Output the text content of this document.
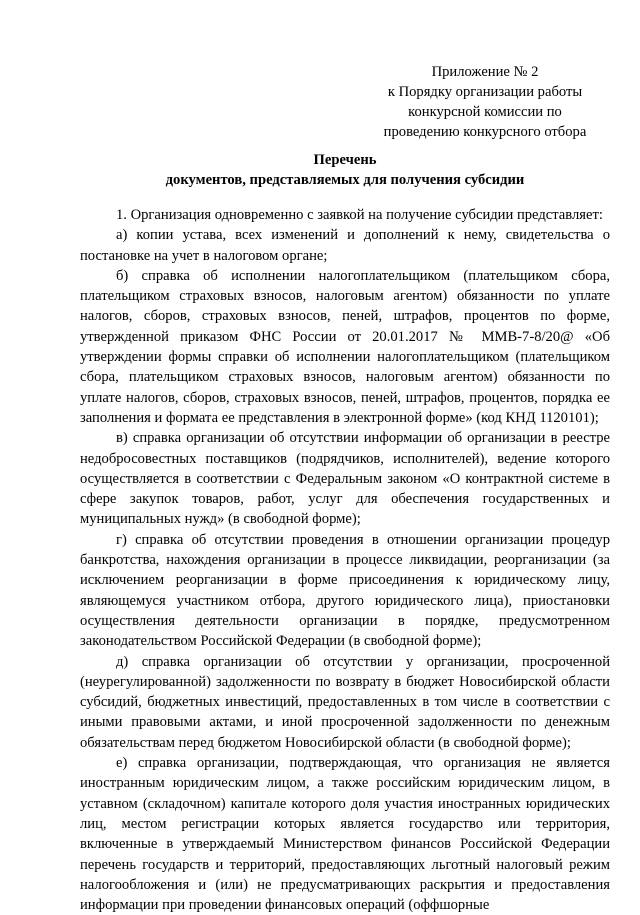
Приложение № 2
к Порядку организации работы
конкурсной комиссии по
проведению конкурсного отбора
Перечень
документов, представляемых для получения субсидии

1. Организация одновременно с заявкой на получение субсидии представляет:

а) копии устава, всех изменений и дополнений к нему, свидетельства о постановке на учет в налоговом органе;

б) справка об исполнении налогоплательщиком (плательщиком сбора, плательщиком страховых взносов, налоговым агентом) обязанности по уплате налогов, сборов, страховых взносов, пеней, штрафов, процентов по форме, утвержденной приказом ФНС России от 20.01.2017 № ММВ-7-8/20@ «Об утверждении формы справки об исполнении налогоплательщиком (плательщиком сбора, плательщиком страховых взносов, налоговым агентом) обязанности по уплате налогов, сборов, страховых взносов, пеней, штрафов, процентов, порядка ее заполнения и формата ее представления в электронной форме» (код КНД 1120101);

в) справка организации об отсутствии информации об организации в реестре недобросовестных поставщиков (подрядчиков, исполнителей), ведение которого осуществляется в соответствии с Федеральным законом «О контрактной системе в сфере закупок товаров, работ, услуг для обеспечения государственных и муниципальных нужд» (в свободной форме);

г) справка об отсутствии проведения в отношении организации процедур банкротства, нахождения организации в процессе ликвидации, реорганизации (за исключением реорганизации в форме присоединения к юридическому лицу, являющемуся участником отбора, другого юридического лица), приостановки осуществления деятельности организации в порядке, предусмотренном законодательством Российской Федерации (в свободной форме);

д) справка организации об отсутствии у организации, просроченной (неурегулированной) задолженности по возврату в бюджет Новосибирской области субсидий, бюджетных инвестиций, предоставленных в том числе в соответствии с иными правовыми актами, и иной просроченной задолженности по денежным обязательствам перед бюджетом Новосибирской области (в свободной форме);

е) справка организации, подтверждающая, что организация не является иностранным юридическим лицом, а также российским юридическим лицом, в уставном (складочном) капитале которого доля участия иностранных юридических лиц, местом регистрации которых является государство или территория, включенные в утверждаемый Министерством финансов Российской Федерации перечень государств и территорий, предоставляющих льготный налоговый режим налогообложения и (или) не предусматривающих раскрытия и предоставления информации при проведении финансовых операций (оффшорные
